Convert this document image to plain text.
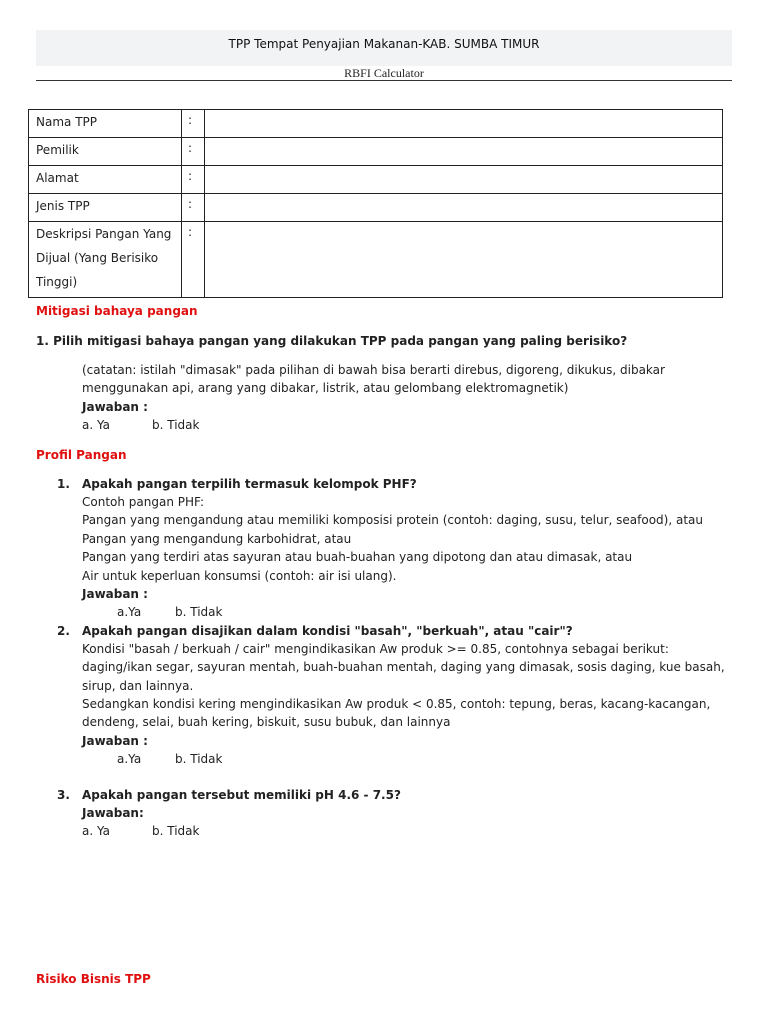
TPP Tempat Penyajian Makanan-KAB. SUMBA TIMUR
RBFI Calculator
Nama TPP	:	
Pemilik	:	
Alamat	:	
Jenis TPP	:	
Deskripsi Pangan Yang Dijual (Yang Berisiko Tinggi)	:	
Mitigasi bahaya pangan
1. Pilih mitigasi bahaya pangan yang dilakukan TPP pada pangan yang paling berisiko?
(catatan: istilah "dimasak" pada pilihan di bawah bisa berarti direbus, digoreng, dikukus, dibakar
menggunakan api, arang yang dibakar, listrik, atau gelombang elektromagnetik)
Jawaban :
a. Ya	b. Tidak
Profil Pangan
1. Apakah pangan terpilih termasuk kelompok PHF?
Contoh pangan PHF:
Pangan yang mengandung atau memiliki komposisi protein (contoh: daging, susu, telur, seafood), atau
Pangan yang mengandung karbohidrat, atau
Pangan yang terdiri atas sayuran atau buah-buahan yang dipotong dan atau dimasak, atau
Air untuk keperluan konsumsi (contoh: air isi ulang).
Jawaban :
a.Ya	b. Tidak
2. Apakah pangan disajikan dalam kondisi "basah", "berkuah", atau "cair"?
Kondisi "basah / berkuah / cair" mengindikasikan Aw produk >= 0.85, contohnya sebagai berikut:
daging/ikan segar, sayuran mentah, buah-buahan mentah, daging yang dimasak, sosis daging, kue basah,
sirup, dan lainnya.
Sedangkan kondisi kering mengindikasikan Aw produk < 0.85, contoh: tepung, beras, kacang-kacangan,
dendeng, selai, buah kering, biskuit, susu bubuk, dan lainnya
Jawaban :
a.Ya	b. Tidak
3. Apakah pangan tersebut memiliki pH 4.6 - 7.5?
Jawaban:
a. Ya	b. Tidak
Risiko Bisnis TPP
